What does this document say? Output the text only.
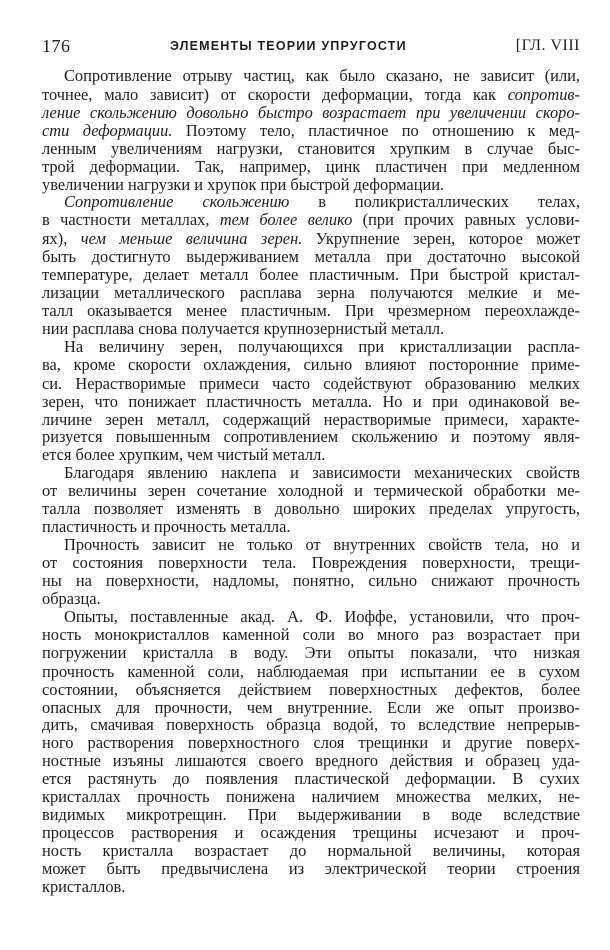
176	ЭЛЕМЕНТЫ ТЕОРИИ УПРУГОСТИ	[ГЛ. VIII
Сопротивление отрыву частиц, как было сказано, не зависит (или,
точнее, мало зависит) от скорости деформации, тогда как сопротив-
ление скольжению довольно быстро возрастает при увеличении скоро-
сти деформации. Поэтому тело, пластичное по отношению к мед-
ленным увеличениям нагрузки, становится хрупким в случае быс-
трой деформации. Так, например, цинк пластичен при медленном
увеличении нагрузки и хрупок при быстрой деформации.
Сопротивление скольжению в поликристаллических телах,
в частности металлах, тем более велико (при прочих равных услови-
ях), чем меньше величина зерен. Укрупнение зерен, которое может
быть достигнуто выдерживанием металла при достаточно высокой
температуре, делает металл более пластичным. При быстрой кристал-
лизации металлического расплава зерна получаются мелкие и ме-
талл оказывается менее пластичным. При чрезмерном переохлажде-
нии расплава снова получается крупнозернистый металл.
На величину зерен, получающихся при кристаллизации распла-
ва, кроме скорости охлаждения, сильно влияют посторонние приме-
си. Нерастворимые примеси часто содействуют образованию мелких
зерен, что понижает пластичность металла. Но и при одинаковой ве-
личине зерен металл, содержащий нерастворимые примеси, характе-
ризуется повышенным сопротивлением скольжению и поэтому явля-
ется более хрупким, чем чистый металл.
Благодаря явлению наклепа и зависимости механических свойств
от величины зерен сочетание холодной и термической обработки ме-
талла позволяет изменять в довольно широких пределах упругость,
пластичность и прочность металла.
Прочность зависит не только от внутренних свойств тела, но и
от состояния поверхности тела. Повреждения поверхности, трещи-
ны на поверхности, надломы, понятно, сильно снижают прочность
образца.
Опыты, поставленные акад. А. Ф. Иоффе, установили, что проч-
ность монокристаллов каменной соли во много раз возрастает при
погружении кристалла в воду. Эти опыты показали, что низкая
прочность каменной соли, наблюдаемая при испытании ее в сухом
состоянии, объясняется действием поверхностных дефектов, более
опасных для прочности, чем внутренние. Если же опыт произво-
дить, смачивая поверхность образца водой, то вследствие непрерыв-
ного растворения поверхностного слоя трещинки и другие поверх-
ностные изъяны лишаются своего вредного действия и образец уда-
ется растянуть до появления пластической деформации. В сухих
кристаллах прочность понижена наличием множества мелких, не-
видимых микротрещин. При выдерживании в воде вследствие
процессов растворения и осаждения трещины исчезают и проч-
ность кристалла возрастает до нормальной величины, которая
может быть предвычислена из электрической теории строения
кристаллов.
